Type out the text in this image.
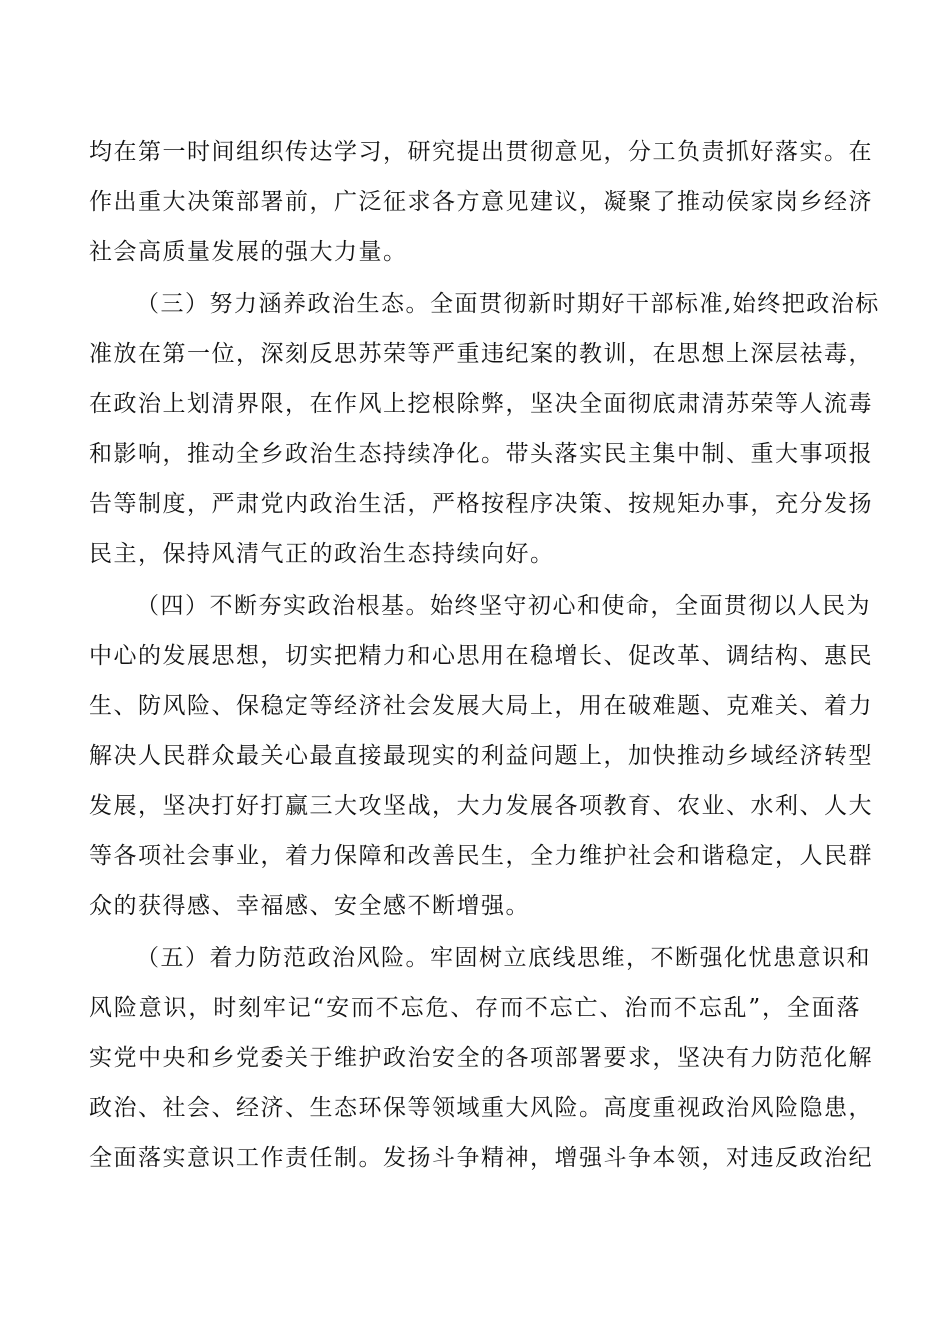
均在第一时间组织传达学习，研究提出贯彻意见，分工负责抓好落实。在
作出重大决策部署前，广泛征求各方意见建议，凝聚了推动侯家岗乡经济
社会高质量发展的强大力量。
（三）努力涵养政治生态。全面贯彻新时期好干部标准,始终把政治标
准放在第一位，深刻反思苏荣等严重违纪案的教训，在思想上深层祛毒，
在政治上划清界限，在作风上挖根除弊，坚决全面彻底肃清苏荣等人流毒
和影响，推动全乡政治生态持续净化。带头落实民主集中制、重大事项报
告等制度，严肃党内政治生活，严格按程序决策、按规矩办事，充分发扬
民主，保持风清气正的政治生态持续向好。
（四）不断夯实政治根基。始终坚守初心和使命，全面贯彻以人民为
中心的发展思想，切实把精力和心思用在稳增长、促改革、调结构、惠民
生、防风险、保稳定等经济社会发展大局上，用在破难题、克难关、着力
解决人民群众最关心最直接最现实的利益问题上，加快推动乡域经济转型
发展，坚决打好打赢三大攻坚战，大力发展各项教育、农业、水利、人大
等各项社会事业，着力保障和改善民生，全力维护社会和谐稳定，人民群
众的获得感、幸福感、安全感不断增强。
（五）着力防范政治风险。牢固树立底线思维，不断强化忧患意识和
风险意识，时刻牢记“安而不忘危、存而不忘亡、治而不忘乱”，全面落
实党中央和乡党委关于维护政治安全的各项部署要求，坚决有力防范化解
政治、社会、经济、生态环保等领域重大风险。高度重视政治风险隐患，
全面落实意识工作责任制。发扬斗争精神，增强斗争本领，对违反政治纪
